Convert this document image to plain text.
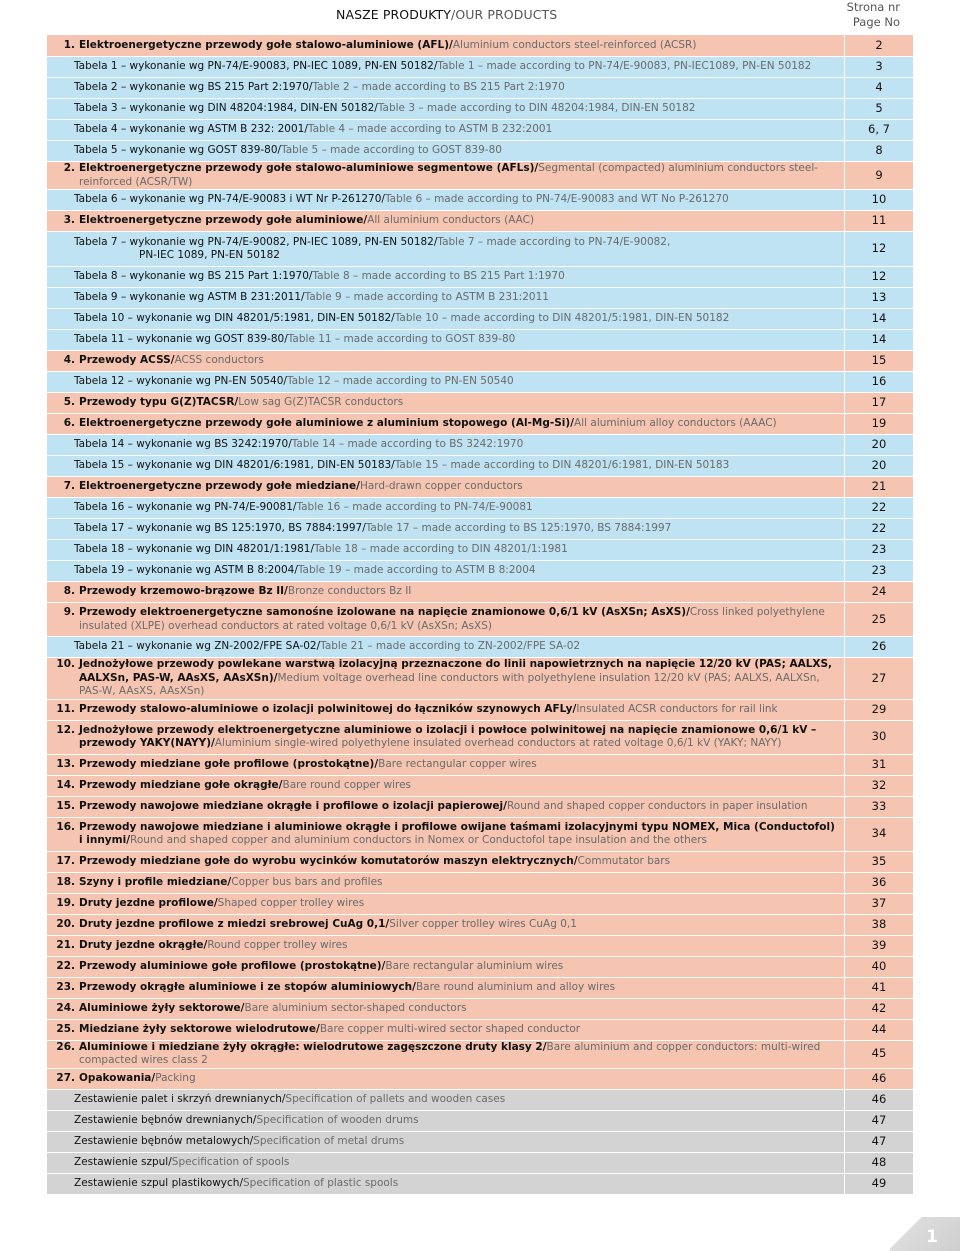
NASZE PRODUKTY/OUR PRODUCTS	Strona nr
Page No
1. Elektroenergetyczne przewody gołe stalowo-aluminiowe (AFL)/Aluminium conductors steel-reinforced (ACSR)	2

Tabela 1 – wykonanie wg PN-74/E-90083, PN-IEC 1089, PN-EN 50182/Table 1 – made according to PN-74/E-90083, PN-IEC1089, PN-EN 50182	3

Tabela 2 – wykonanie wg BS 215 Part 2:1970/Table 2 – made according to BS 215 Part 2:1970	4

Tabela 3 – wykonanie wg DIN 48204:1984, DIN-EN 50182/Table 3 – made according to DIN 48204:1984, DIN-EN 50182	5

Tabela 4 – wykonanie wg ASTM B 232: 2001/Table 4 – made according to ASTM B 232:2001	6, 7

Tabela 5 – wykonanie wg GOST 839-80/Table 5 – made according to GOST 839-80	8

2. Elektroenergetyczne przewody gołe stalowo-aluminiowe segmentowe (AFLs)/Segmental (compacted) aluminium conductors steel-reinforced (ACSR/TW)	9

Tabela 6 – wykonanie wg PN-74/E-90083 i WT Nr P-261270/Table 6 – made according to PN-74/E-90083 and WT No P-261270	10

3. Elektroenergetyczne przewody gołe aluminiowe/All aluminium conductors (AAC)	11

Tabela 7 – wykonanie wg PN-74/E-90082, PN-IEC 1089, PN-EN 50182/Table 7 – made according to PN-74/E-90082,
PN-IEC 1089, PN-EN 50182	12

Tabela 8 – wykonanie wg BS 215 Part 1:1970/Table 8 – made according to BS 215 Part 1:1970	12

Tabela 9 – wykonanie wg ASTM B 231:2011/Table 9 – made according to ASTM B 231:2011	13

Tabela 10 – wykonanie wg DIN 48201/5:1981, DIN-EN 50182/Table 10 – made according to DIN 48201/5:1981, DIN-EN 50182	14

Tabela 11 – wykonanie wg GOST 839-80/Table 11 – made according to GOST 839-80	14

4. Przewody ACSS/ACSS conductors	15

Tabela 12 – wykonanie wg PN-EN 50540/Table 12 – made according to PN-EN 50540	16

5. Przewody typu G(Z)TACSR/Low sag G(Z)TACSR conductors	17

6. Elektroenergetyczne przewody gołe aluminiowe z aluminium stopowego (Al-Mg-Si)/All aluminium alloy conductors (AAAC)	19

Tabela 14 – wykonanie wg BS 3242:1970/Table 14 – made according to BS 3242:1970	20

Tabela 15 – wykonanie wg DIN 48201/6:1981, DIN-EN 50183/Table 15 – made according to DIN 48201/6:1981, DIN-EN 50183	20

7. Elektroenergetyczne przewody gołe miedziane/Hard-drawn copper conductors	21

Tabela 16 – wykonanie wg PN-74/E-90081/Table 16 – made according to PN-74/E-90081	22

Tabela 17 – wykonanie wg BS 125:1970, BS 7884:1997/Table 17 – made according to BS 125:1970, BS 7884:1997	22

Tabela 18 – wykonanie wg DIN 48201/1:1981/Table 18 – made according to DIN 48201/1:1981	23

Tabela 19 – wykonanie wg ASTM B 8:2004/Table 19 – made according to ASTM B 8:2004	23

8. Przewody krzemowo-brązowe Bz II/Bronze conductors Bz II	24

9. Przewody elektroenergetyczne samonośne izolowane na napięcie znamionowe 0,6/1 kV (AsXSn; AsXS)/Cross linked polyethylene insulated (XLPE) overhead conductors at rated voltage 0,6/1 kV (AsXSn; AsXS)	25

Tabela 21 – wykonanie wg ZN-2002/FPE SA-02/Table 21 – made according to ZN-2002/FPE SA-02	26

10. Jednożyłowe przewody powlekane warstwą izolacyjną przeznaczone do linii napowietrznych na napięcie 12/20 kV (PAS; AALXS, AALXSn, PAS-W, AAsXS, AAsXSn)/Medium voltage overhead line conductors with polyethylene insulation 12/20 kV (PAS; AALXS, AALXSn, PAS-W, AAsXS, AAsXSn)	27

11. Przewody stalowo-aluminiowe o izolacji polwinitowej do łączników szynowych AFLy/Insulated ACSR conductors for rail link	29

12. Jednożyłowe przewody elektroenergetyczne aluminiowe o izolacji i powłoce polwinitowej na napięcie znamionowe 0,6/1 kV – przewody YAKY(NAYY)/Aluminium single-wired polyethylene insulated overhead conductors at rated voltage 0,6/1 kV (YAKY; NAYY)	30

13. Przewody miedziane gołe profilowe (prostokątne)/Bare rectangular copper wires	31

14. Przewody miedziane gołe okrągłe/Bare round copper wires	32

15. Przewody nawojowe miedziane okrągłe i profilowe o izolacji papierowej/Round and shaped copper conductors in paper insulation	33

16. Przewody nawojowe miedziane i aluminiowe okrągłe i profilowe owijane taśmami izolacyjnymi typu NOMEX, Mica (Conductofol) i innymi/Round and shaped copper and aluminium conductors in Nomex or Conductofol tape insulation and the others	34

17. Przewody miedziane gołe do wyrobu wycinków komutatorów maszyn elektrycznych/Commutator bars	35

18. Szyny i profile miedziane/Copper bus bars and profiles	36

19. Druty jezdne profilowe/Shaped copper trolley wires	37

20. Druty jezdne profilowe z miedzi srebrowej CuAg 0,1/Silver copper trolley wires CuAg 0,1	38

21. Druty jezdne okrągłe/Round copper trolley wires	39

22. Przewody aluminiowe gołe profilowe (prostokątne)/Bare rectangular aluminium wires	40

23. Przewody okrągłe aluminiowe i ze stopów aluminiowych/Bare round aluminium and alloy wires	41

24. Aluminiowe żyły sektorowe/Bare aluminium sector-shaped conductors	42

25. Miedziane żyły sektorowe wielodrutowe/Bare copper multi-wired sector shaped conductor	44

26. Aluminiowe i miedziane żyły okrągłe: wielodrutowe zagęszczone druty klasy 2/Bare aluminium and copper conductors: multi-wired compacted wires class 2	45

27. Opakowania/Packing	46

Zestawienie palet i skrzyń drewnianych/Specification of pallets and wooden cases	46

Zestawienie bębnów drewnianych/Specification of wooden drums	47

Zestawienie bębnów metalowych/Specification of metal drums	47

Zestawienie szpul/Specification of spools	48

Zestawienie szpul plastikowych/Specification of plastic spools	49
1
